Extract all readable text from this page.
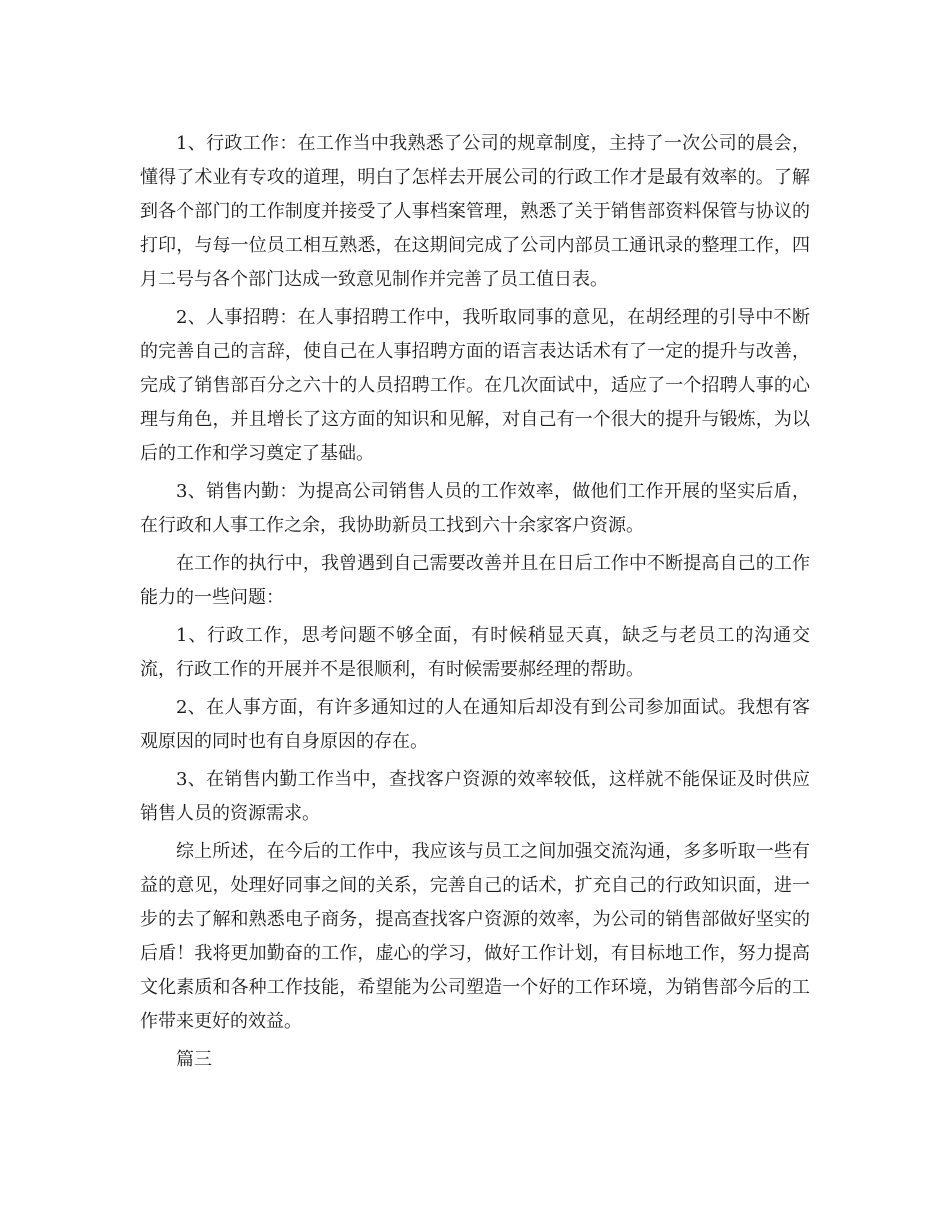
1、行政工作：在工作当中我熟悉了公司的规章制度，主持了一次公司的晨会，懂得了术业有专攻的道理，明白了怎样去开展公司的行政工作才是最有效率的。了解到各个部门的工作制度并接受了人事档案管理，熟悉了关于销售部资料保管与协议的打印，与每一位员工相互熟悉，在这期间完成了公司内部员工通讯录的整理工作，四月二号与各个部门达成一致意见制作并完善了员工值日表。

2、人事招聘：在人事招聘工作中，我听取同事的意见，在胡经理的引导中不断的完善自己的言辞，使自己在人事招聘方面的语言表达话术有了一定的提升与改善，完成了销售部百分之六十的人员招聘工作。在几次面试中，适应了一个招聘人事的心理与角色，并且增长了这方面的知识和见解，对自己有一个很大的提升与锻炼，为以后的工作和学习奠定了基础。

3、销售内勤：为提高公司销售人员的工作效率，做他们工作开展的坚实后盾，在行政和人事工作之余，我协助新员工找到六十余家客户资源。

在工作的执行中，我曾遇到自己需要改善并且在日后工作中不断提高自己的工作能力的一些问题：

1、行政工作，思考问题不够全面，有时候稍显天真，缺乏与老员工的沟通交流，行政工作的开展并不是很顺利，有时候需要郝经理的帮助。

2、在人事方面，有许多通知过的人在通知后却没有到公司参加面试。我想有客观原因的同时也有自身原因的存在。

3、在销售内勤工作当中，查找客户资源的效率较低，这样就不能保证及时供应销售人员的资源需求。

综上所述，在今后的工作中，我应该与员工之间加强交流沟通，多多听取一些有益的意见，处理好同事之间的关系，完善自己的话术，扩充自己的行政知识面，进一步的去了解和熟悉电子商务，提高查找客户资源的效率，为公司的销售部做好坚实的后盾！我将更加勤奋的工作，虚心的学习，做好工作计划，有目标地工作，努力提高文化素质和各种工作技能，希望能为公司塑造一个好的工作环境，为销售部今后的工作带来更好的效益。

篇三
